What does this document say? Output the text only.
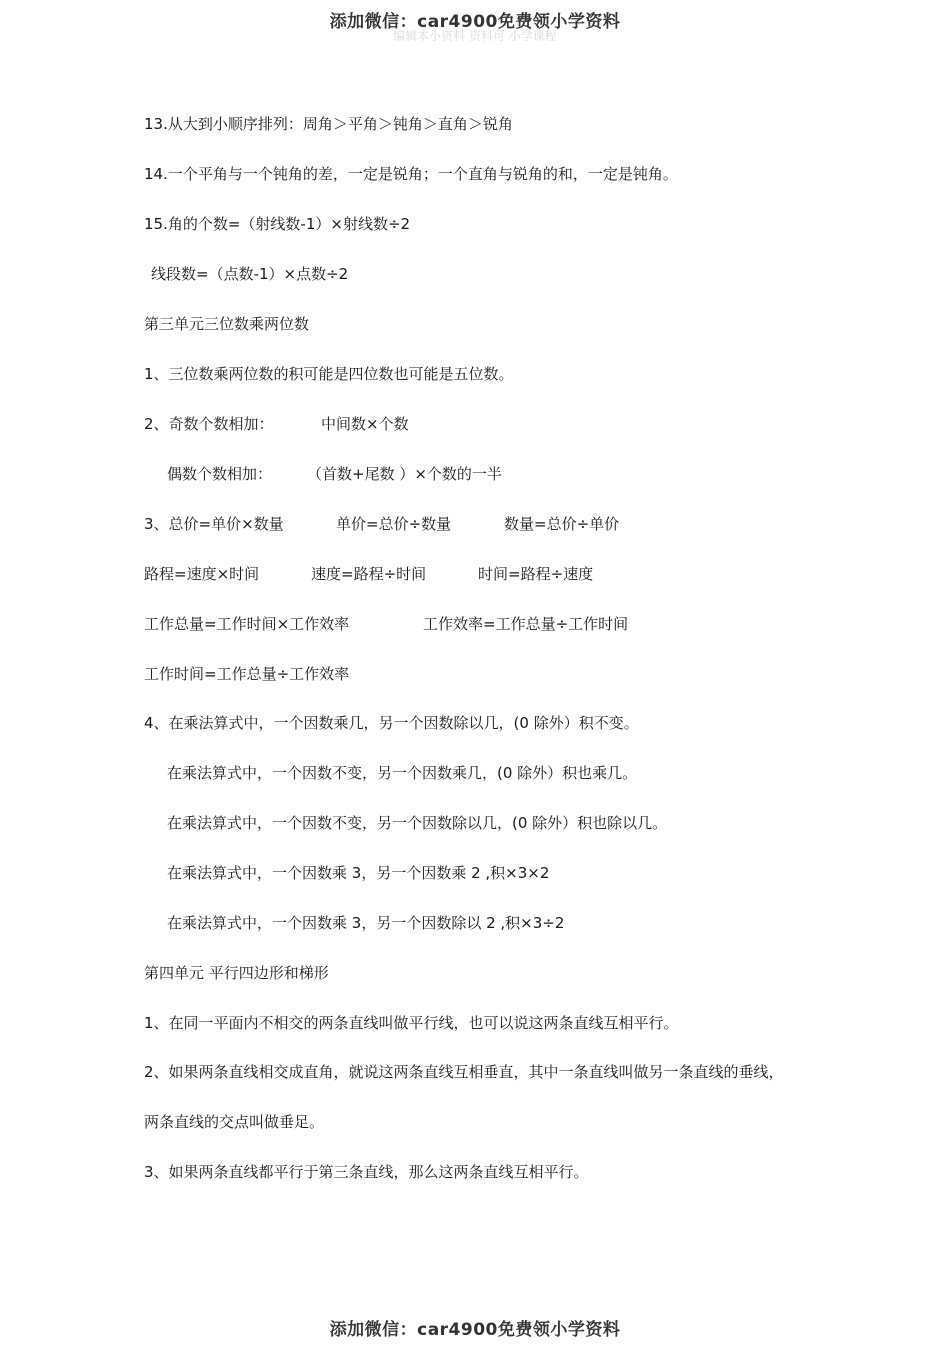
添加微信：car4900免费领小学资料
编辑本小资料 资料可 小学课程
13.从大到小顺序排列：周角＞平角＞钝角＞直角＞锐角
14.一个平角与一个钝角的差，一定是锐角；一个直角与锐角的和，一定是钝角。
15.角的个数=（射线数-1）×射线数÷2
线段数=（点数-1）×点数÷2
第三单元三位数乘两位数
1、三位数乘两位数的积可能是四位数也可能是五位数。
2、奇数个数相加：	中间数×个数
偶数个数相加： （首数+尾数 ）×个数的一半
3、总价=单价×数量	单价=总价÷数量	数量=总价÷单价
路程=速度×时间	速度=路程÷时间	时间=路程÷速度
工作总量=工作时间×工作效率	工作效率=工作总量÷工作时间
工作时间=工作总量÷工作效率
4、在乘法算式中，一个因数乘几，另一个因数除以几，(0 除外）积不变。
在乘法算式中，一个因数不变，另一个因数乘几，(0 除外）积也乘几。
在乘法算式中，一个因数不变，另一个因数除以几，(0 除外）积也除以几。
在乘法算式中，一个因数乘 3，另一个因数乘 2 ,积×3×2
在乘法算式中，一个因数乘 3，另一个因数除以 2 ,积×3÷2
第四单元 平行四边形和梯形
1、在同一平面内不相交的两条直线叫做平行线，也可以说这两条直线互相平行。
2、如果两条直线相交成直角，就说这两条直线互相垂直，其中一条直线叫做另一条直线的垂线，
两条直线的交点叫做垂足。
3、如果两条直线都平行于第三条直线，那么这两条直线互相平行。
添加微信：car4900免费领小学资料
